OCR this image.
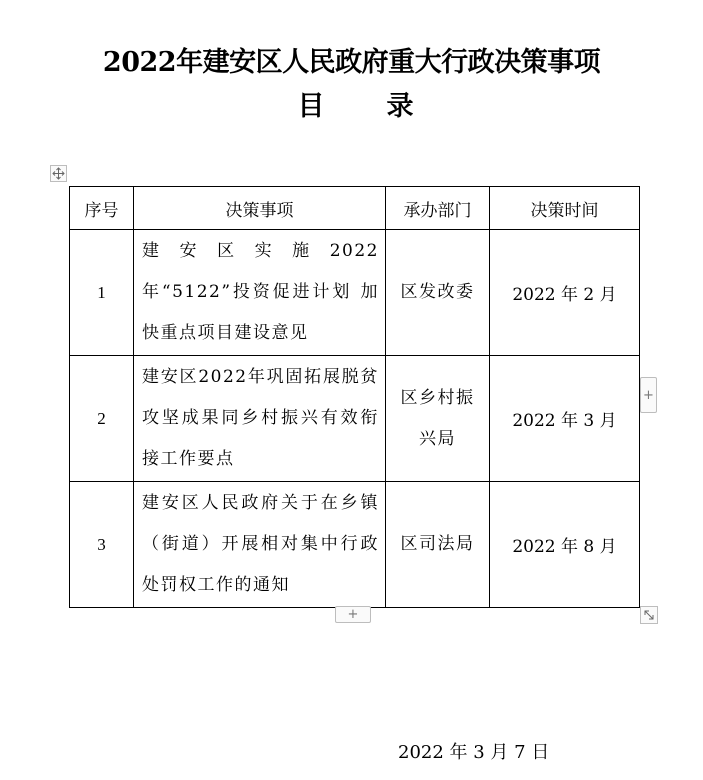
2022年建安区人民政府重大行政决策事项
目 录
序号	决策事项	承办部门	决策时间
1	建安区实施2022年“5122”投资促进计划 加快重点项目建设意见	区发改委	2022 年 2 月
2	建安区2022年巩固拓展脱贫攻坚成果同乡村振兴有效衔接工作要点	区乡村振兴局	2022 年 3 月
3	建安区人民政府关于在乡镇（街道）开展相对集中行政处罚权工作的通知	区司法局	2022 年 8 月
+
+
2022 年 3 月 7 日
